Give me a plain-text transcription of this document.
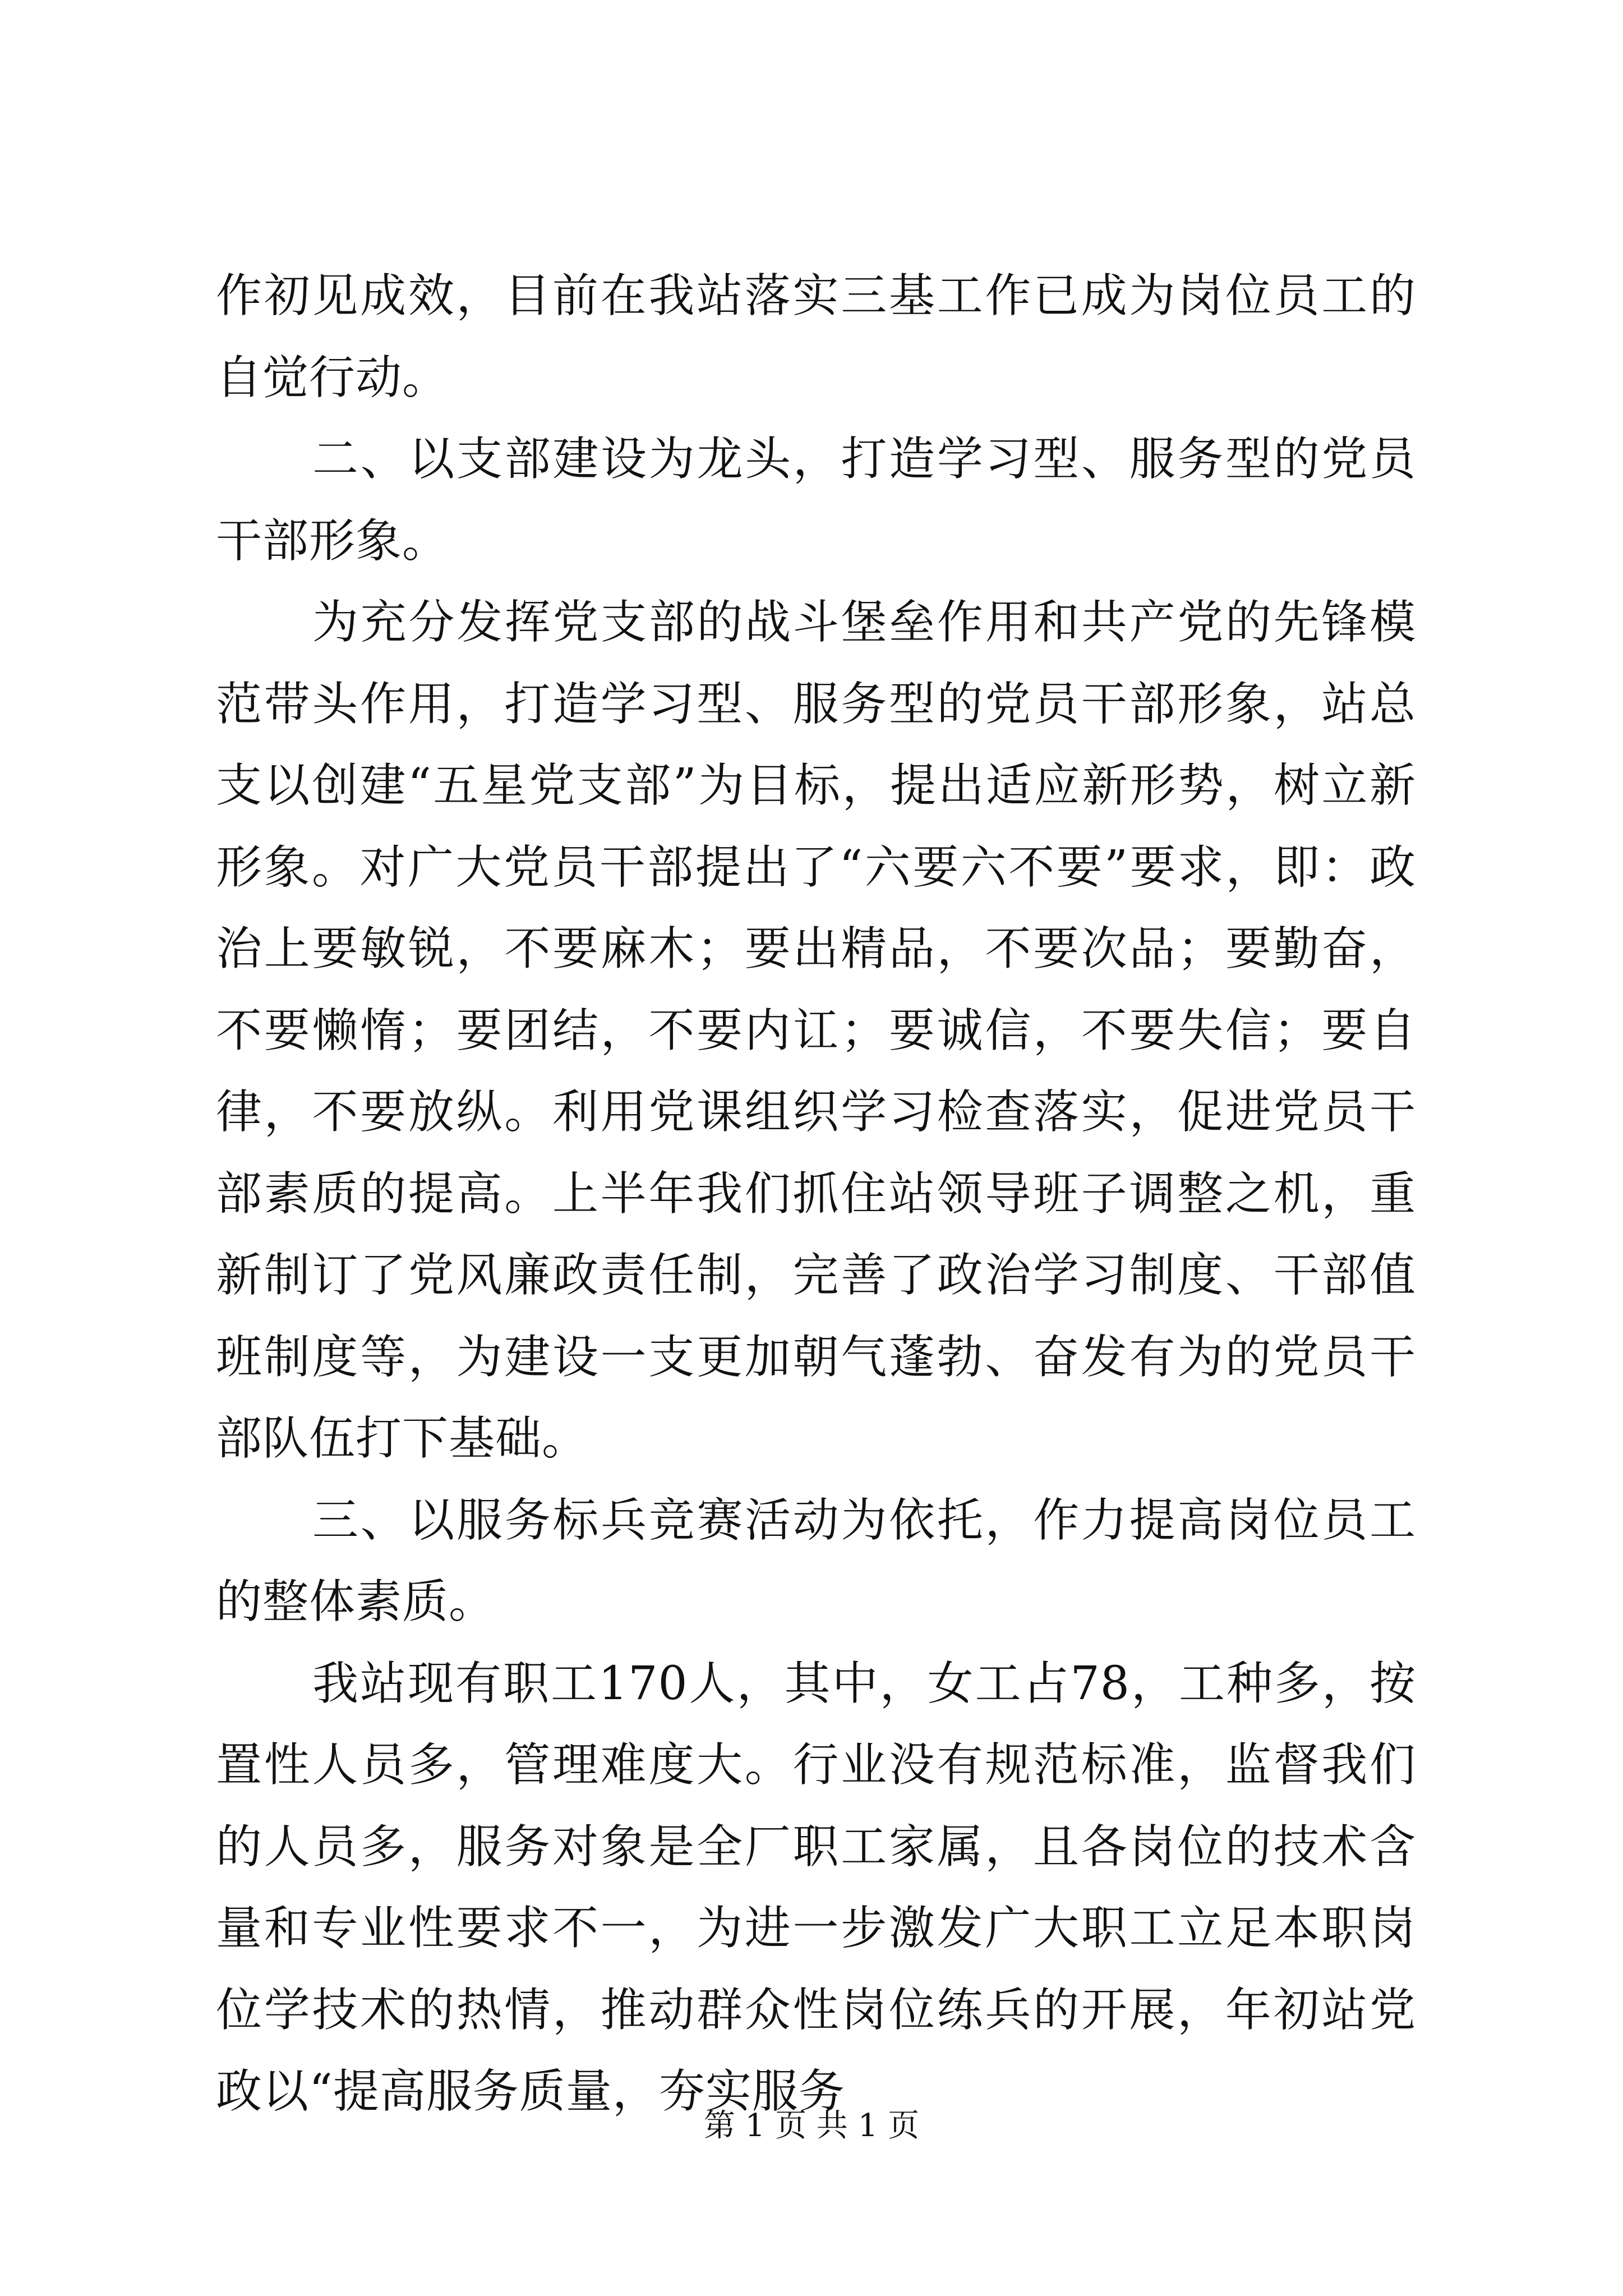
作初见成效，目前在我站落实三基工作已成为岗位员工的自觉行动。

二、以支部建设为龙头，打造学习型、服务型的党员干部形象。

为充分发挥党支部的战斗堡垒作用和共产党的先锋模范带头作用，打造学习型、服务型的党员干部形象，站总支以创建“五星党支部”为目标，提出适应新形势，树立新形象。对广大党员干部提出了“六要六不要”要求，即：政治上要敏锐，不要麻木；要出精品，不要次品；要勤奋，不要懒惰；要团结，不要内讧；要诚信，不要失信；要自律，不要放纵。利用党课组织学习检查落实，促进党员干部素质的提高。上半年我们抓住站领导班子调整之机，重新制订了党风廉政责任制，完善了政治学习制度、干部值班制度等，为建设一支更加朝气蓬勃、奋发有为的党员干部队伍打下基础。

三、以服务标兵竞赛活动为依托，作力提高岗位员工的整体素质。

我站现有职工170人，其中，女工占78，工种多，按置性人员多，管理难度大。行业没有规范标准，监督我们的人员多，服务对象是全厂职工家属，且各岗位的技术含量和专业性要求不一，为进一步激发广大职工立足本职岗位学技术的热情，推动群众性岗位练兵的开展，年初站党政以“提高服务质量，夯实服务

第 1 页 共 1 页
